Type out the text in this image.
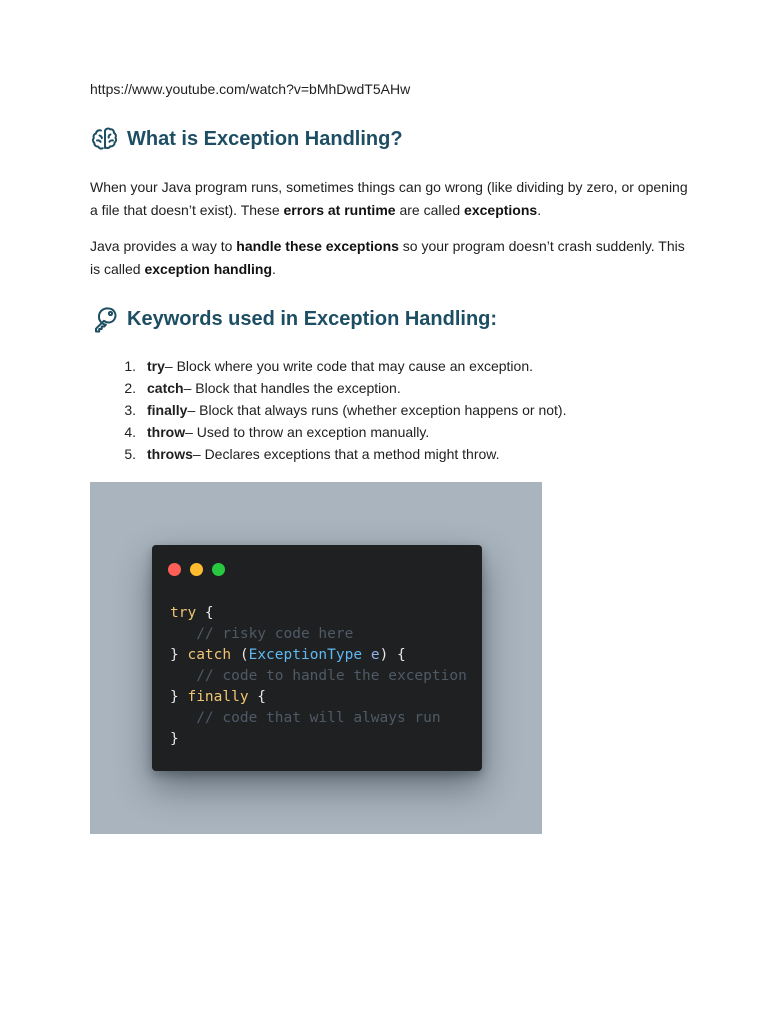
https://www.youtube.com/watch?v=bMhDwdT5AHw
What is Exception Handling?

When your Java program runs, sometimes things can go wrong (like dividing by zero, or opening a file that doesn’t exist). These errors at runtime are called exceptions.

Java provides a way to handle these exceptions so your program doesn’t crash suddenly. This is called exception handling.

Keywords used in Exception Handling:
1. try – Block where you write code that may cause an exception.
2. catch – Block that handles the exception.
3. finally – Block that always runs (whether exception happens or not).
4. throw – Used to throw an exception manually.
5. throws – Declares exceptions that a method might throw.
try {
// risky code here
} catch (ExceptionType e) {
// code to handle the exception
} finally {
// code that will always run
}
